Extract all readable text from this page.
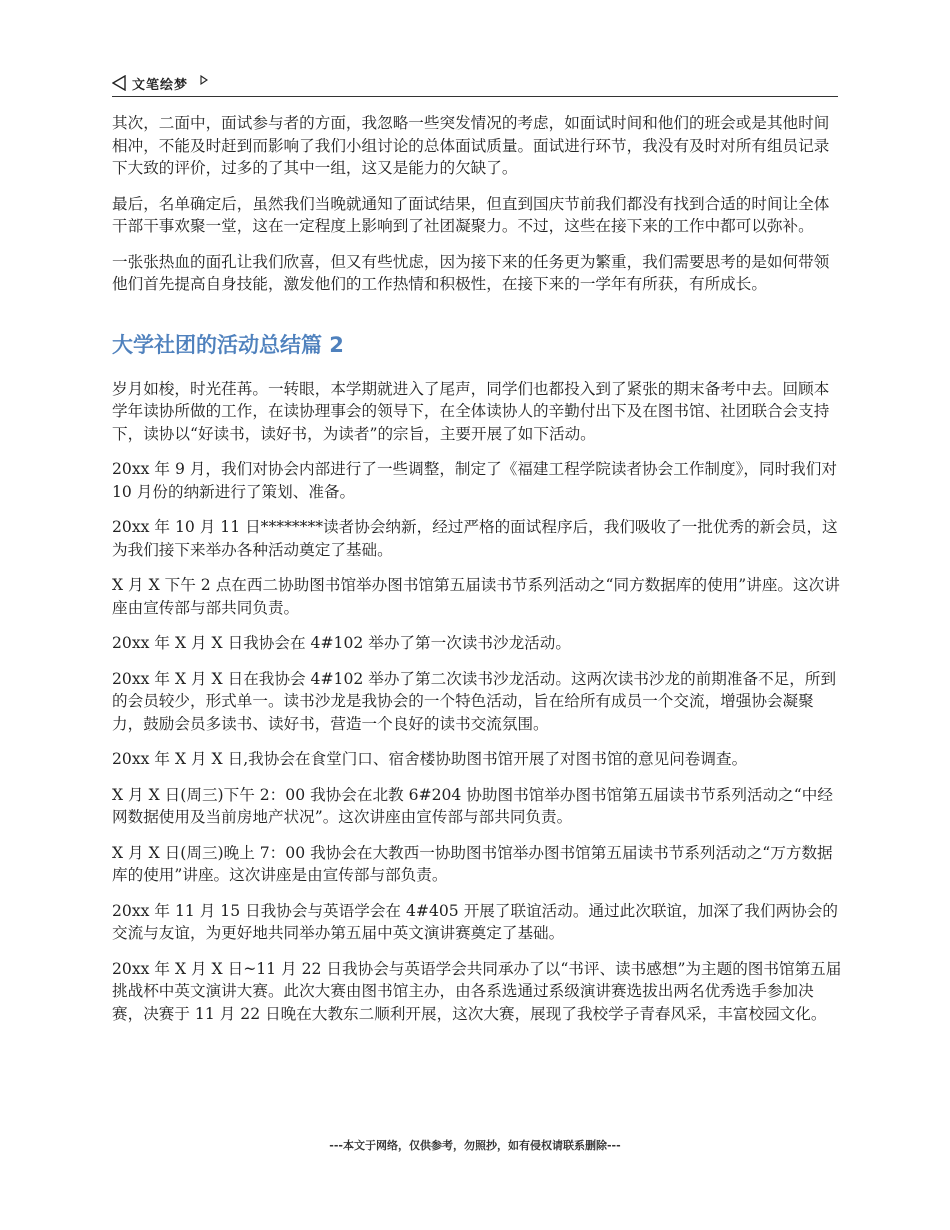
文笔绘梦

其次，二面中，面试参与者的方面，我忽略一些突发情况的考虑，如面试时间和他们的班会或是其他时间相冲，不能及时赶到而影响了我们小组讨论的总体面试质量。面试进行环节，我没有及时对所有组员记录下大致的评价，过多的了其中一组，这又是能力的欠缺了。

最后，名单确定后，虽然我们当晚就通知了面试结果，但直到国庆节前我们都没有找到合适的时间让全体干部干事欢聚一堂，这在一定程度上影响到了社团凝聚力。不过，这些在接下来的工作中都可以弥补。

一张张热血的面孔让我们欣喜，但又有些忧虑，因为接下来的任务更为繁重，我们需要思考的是如何带领他们首先提高自身技能，激发他们的工作热情和积极性，在接下来的一学年有所获，有所成长。

大学社团的活动总结篇 2

岁月如梭，时光荏苒。一转眼，本学期就进入了尾声，同学们也都投入到了紧张的期末备考中去。回顾本学年读协所做的工作，在读协理事会的领导下，在全体读协人的辛勤付出下及在图书馆、社团联合会支持下，读协以“好读书，读好书，为读者”的宗旨，主要开展了如下活动。

20xx 年 9 月，我们对协会内部进行了一些调整，制定了《福建工程学院读者协会工作制度》，同时我们对 10 月份的纳新进行了策划、准备。

20xx 年 10 月 11 日********读者协会纳新，经过严格的面试程序后，我们吸收了一批优秀的新会员，这为我们接下来举办各种活动奠定了基础。

X 月 X 下午 2 点在西二协助图书馆举办图书馆第五届读书节系列活动之“同方数据库的使用”讲座。这次讲座由宣传部与部共同负责。

20xx 年 X 月 X 日我协会在 4#102 举办了第一次读书沙龙活动。

20xx 年 X 月 X 日在我协会 4#102 举办了第二次读书沙龙活动。这两次读书沙龙的前期准备不足，所到的会员较少，形式单一。读书沙龙是我协会的一个特色活动，旨在给所有成员一个交流，增强协会凝聚力，鼓励会员多读书、读好书，营造一个良好的读书交流氛围。

20xx 年 X 月 X 日,我协会在食堂门口、宿舍楼协助图书馆开展了对图书馆的意见问卷调查。

X 月 X 日(周三)下午 2：00 我协会在北教 6#204 协助图书馆举办图书馆第五届读书节系列活动之“中经网数据使用及当前房地产状况”。这次讲座由宣传部与部共同负责。

X 月 X 日(周三)晚上 7：00 我协会在大教西一协助图书馆举办图书馆第五届读书节系列活动之“万方数据库的使用”讲座。这次讲座是由宣传部与部负责。

20xx 年 11 月 15 日我协会与英语学会在 4#405 开展了联谊活动。通过此次联谊，加深了我们两协会的交流与友谊，为更好地共同举办第五届中英文演讲赛奠定了基础。

20xx 年 X 月 X 日~11 月 22 日我协会与英语学会共同承办了以“书评、读书感想”为主题的图书馆第五届挑战杯中英文演讲大赛。此次大赛由图书馆主办，由各系选通过系级演讲赛选拔出两名优秀选手参加决赛，决赛于 11 月 22 日晚在大教东二顺利开展，这次大赛，展现了我校学子青春风采，丰富校园文化。

---本文于网络，仅供参考，勿照抄，如有侵权请联系删除---
